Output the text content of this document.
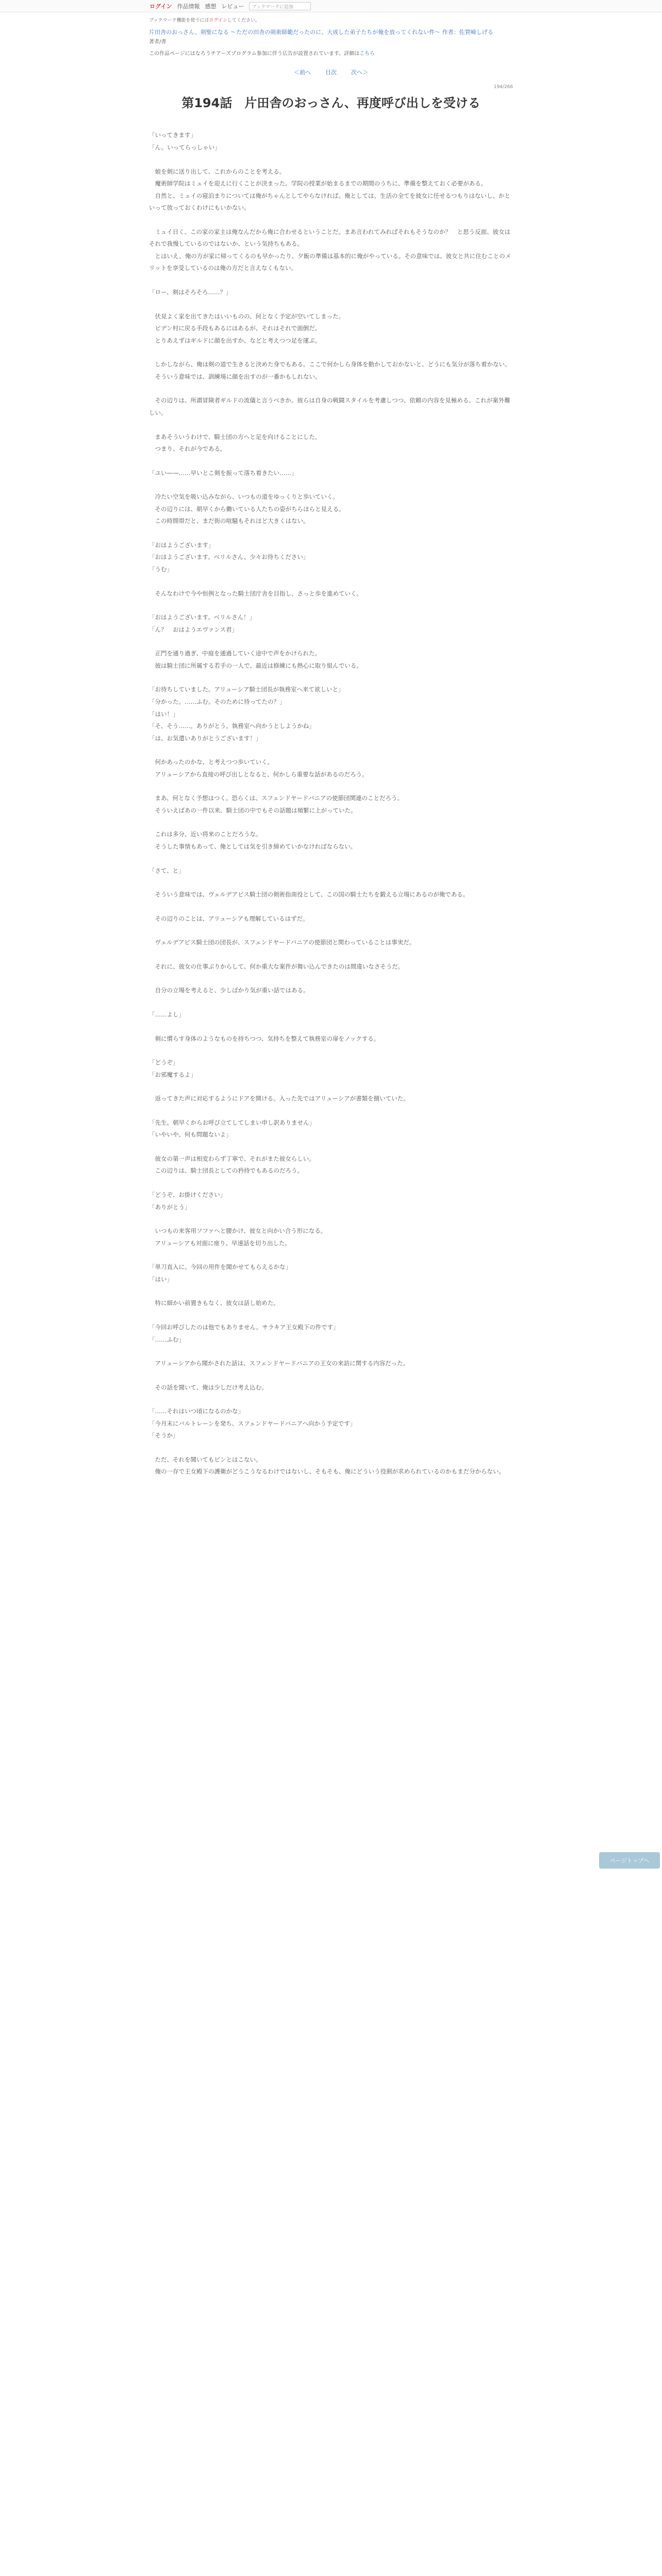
ログイン 作品情報 感想 レビュー	ブックマークに追加
ブックマーク機能を使うにはログインしてください。
片田舎のおっさん、剣聖になる ～ただの田舎の剣術師範だったのに、大成した弟子たちが俺を放ってくれない件～ 作者：佐賀崎しげる
著者/書
この作品ページにはなろうチアーズプログラム参加に伴う広告が設置されています。詳細はこちら
＜前へ	目次	次へ＞
194/266
第194話　片田舎のおっさん、再度呼び出しを受ける

「いってきます」

「ん。いってらっしゃい」

　娘を剣に送り出して、これからのことを考える。

　魔術師学院はミュイを迎えに行くことが決まった。学院の授業が始まるまでの期間のうちに、準備を整えておく必要がある。

　自然と、ミュイの寝泊まりについては俺がちゃんとしてやらなければ。俺としては、生活の全てを彼女に任せるつもりはないし、かといって放っておくわけにもいかない。

　ミュイ日く、この家の家主は俺なんだから俺に合わせるということだ。まあ言われてみればそれもそうなのか？　と思う反面、彼女はそれで我慢しているのではないか、という気持ちもある。

　とはいえ、俺の方が家に帰ってくるのも早かったり、夕飯の準備は基本的に俺がやっている。その意味では、彼女と共に住むことのメリットを享受しているのは俺の方だと言えなくもない。

「ロー、剣はそろそろ……？」

　伏見よく家を出てきたはいいものの、何となく予定が空いてしまった。

　ビデン村に戻る手段もあるにはあるが、それはそれで面倒だ。

　とりあえずはギルドに顔を出すか、などと考えつつ足を運ぶ。

　しかしながら、俺は剣の道で生きると決めた身でもある。ここで何かしら身体を動かしておかないと、どうにも気分が落ち着かない。

　そういう意味では、訓練場に顔を出すのが一番かもしれない。

　その辺りは、所謂冒険者ギルドの流儀と言うべきか。彼らは自身の戦闘スタイルを考慮しつつ、依頼の内容を見極める。これが案外難しい。

　まあそういうわけで、騎士団の方へと足を向けることにした。

　つまり、それが今である。

「ユい——……早いとこ剣を振って落ち着きたい……」

　冷たい空気を吸い込みながら、いつもの道をゆっくりと歩いていく。

　その辺りには、朝早くから働いている人たちの姿がちらほらと見える。

　この時間帯だと、まだ街の喧騒もそれほど大きくはない。

「おはようございます」

「おはようございます。ベリルさん、少々お待ちください」

「うむ」

　そんなわけで今や恒例となった騎士団庁舎を目指し、さっと歩を進めていく。

「おはようございます。ベリルさん！」

「ん？　おはようエヴァンス君」

　正門を通り過ぎ、中庭を通過していく途中で声をかけられた。

　彼は騎士団に所属する若手の一人で、最近は修練にも熱心に取り組んでいる。

「お待ちしていました。アリューシア騎士団長が執務室へ来て欲しいと」

「分かった。……ふむ。そのために待ってたの？」

「はい！」

「そ、そう……。ありがとう。執務室へ向かうとしようかね」

「は、お気遣いありがとうございます！」

　何かあったのかな、と考えつつ歩いていく。

　アリューシアから直接の呼び出しとなると、何かしら重要な話があるのだろう。

　まあ、何となく予想はつく。恐らくは、スフェンドヤードバニアの使節団関連のことだろう。

　そういえばあの一件以来、騎士団の中でもその話題は頻繁に上がっていた。

　これは多分、近い将来のことだろうな。

　そうした事情もあって、俺としては気を引き締めていかなければならない。

「さて、と」

　そういう意味では、ヴェルデアピス騎士団の剣術指南役として、この国の騎士たちを鍛える立場にあるのが俺である。

　その辺りのことは、アリューシアも理解しているはずだ。

　ヴェルデアピス騎士団の団長が、スフェンドヤードバニアの使節団と関わっていることは事実だ。

　それに、彼女の仕事ぶりからして、何か重大な案件が舞い込んできたのは間違いなさそうだ。

　自分の立場を考えると、少しばかり気が重い話ではある。

「……よし」

　剣に慣らす身体のようなものを持ちつつ、気持ちを整えて執務室の扉をノックする。

「どうぞ」

「お邪魔するよ」

　返ってきた声に対応するようにドアを開ける。入った先ではアリューシアが書類を捌いていた。

「先生。朝早くからお呼び立てしてしまい申し訳ありません」

「いやいや、何も問題ないよ」

　彼女の第一声は相変わらず丁寧で、それがまた彼女らしい。

　この辺りは、騎士団長としての矜持でもあるのだろう。

「どうぞ、お掛けください」

「ありがとう」

　いつもの来客用ソファへと腰かけ、彼女と向かい合う形になる。

　アリューシアも対面に座り、早速話を切り出した。

「単刀直入に。今回の用件を聞かせてもらえるかな」

「はい」

　特に細かい前置きもなく、彼女は話し始めた。

「今回お呼びしたのは他でもありません。サラキア王女殿下の件です」

「……ふむ」

　アリューシアから聞かされた話は、スフェンドヤードバニアの王女の来訪に関する内容だった。

　その話を聞いて、俺は少しだけ考え込む。

「……それはいつ頃になるのかな」

「今月末にバルトレーンを発ち、スフェンドヤードバニアへ向かう予定です」

「そうか」

　ただ、それを聞いてもピンとはこない。

　俺の一存で王女殿下の護衛がどうこうなるわけではないし、そもそも、俺にどういう役割が求められているのかもまだ分からない。

ページトップへ
